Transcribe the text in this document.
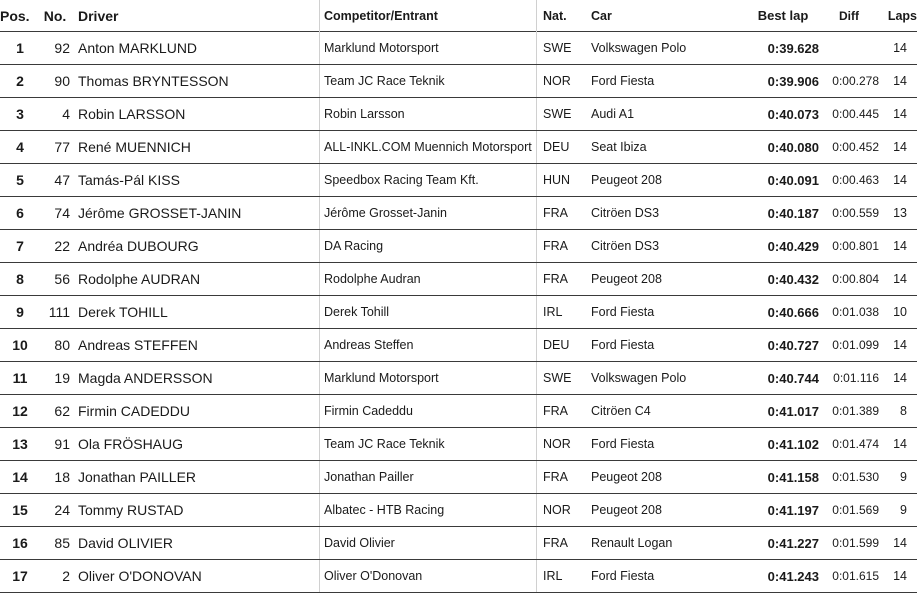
Pos.	No.	Driver	Competitor/Entrant	Nat.	Car	Best lap	Diff	Laps
1	92	Anton MARKLUND	Marklund Motorsport	SWE	Volkswagen Polo	0:39.628		14
2	90	Thomas BRYNTESSON	Team JC Race Teknik	NOR	Ford Fiesta	0:39.906	0:00.278	14
3	4	Robin LARSSON	Robin Larsson	SWE	Audi A1	0:40.073	0:00.445	14
4	77	René MUENNICH	ALL-INKL.COM Muennich Motorsport	DEU	Seat Ibiza	0:40.080	0:00.452	14
5	47	Tamás-Pál KISS	Speedbox Racing Team Kft.	HUN	Peugeot 208	0:40.091	0:00.463	14
6	74	Jérôme GROSSET-JANIN	Jérôme Grosset-Janin	FRA	Citröen DS3	0:40.187	0:00.559	13
7	22	Andréa DUBOURG	DA Racing	FRA	Citröen DS3	0:40.429	0:00.801	14
8	56	Rodolphe AUDRAN	Rodolphe Audran	FRA	Peugeot 208	0:40.432	0:00.804	14
9	111	Derek TOHILL	Derek Tohill	IRL	Ford Fiesta	0:40.666	0:01.038	10
10	80	Andreas STEFFEN	Andreas Steffen	DEU	Ford Fiesta	0:40.727	0:01.099	14
11	19	Magda ANDERSSON	Marklund Motorsport	SWE	Volkswagen Polo	0:40.744	0:01.116	14
12	62	Firmin CADEDDU	Firmin Cadeddu	FRA	Citröen C4	0:41.017	0:01.389	8
13	91	Ola FRÖSHAUG	Team JC Race Teknik	NOR	Ford Fiesta	0:41.102	0:01.474	14
14	18	Jonathan PAILLER	Jonathan Pailler	FRA	Peugeot 208	0:41.158	0:01.530	9
15	24	Tommy RUSTAD	Albatec - HTB Racing	NOR	Peugeot 208	0:41.197	0:01.569	9
16	85	David OLIVIER	David Olivier	FRA	Renault Logan	0:41.227	0:01.599	14
17	2	Oliver O'DONOVAN	Oliver O'Donovan	IRL	Ford Fiesta	0:41.243	0:01.615	14
